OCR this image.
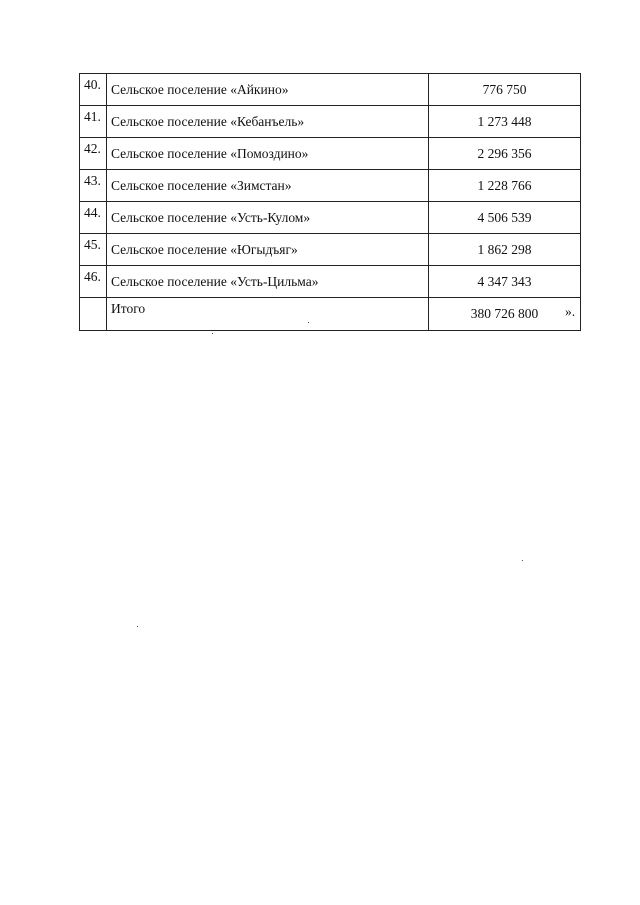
40.	Сельское поселение «Айкино»	776 750
41.	Сельское поселение «Кебанъель»	1 273 448
42.	Сельское поселение «Помоздино»	2 296 356
43.	Сельское поселение «Зимстан»	1 228 766
44.	Сельское поселение «Усть-Кулом»	4 506 539
45.	Сельское поселение «Югыдъяг»	1 862 298
46.	Сельское поселение «Усть-Цильма»	4 347 343
	Итого	380 726 800 ».
